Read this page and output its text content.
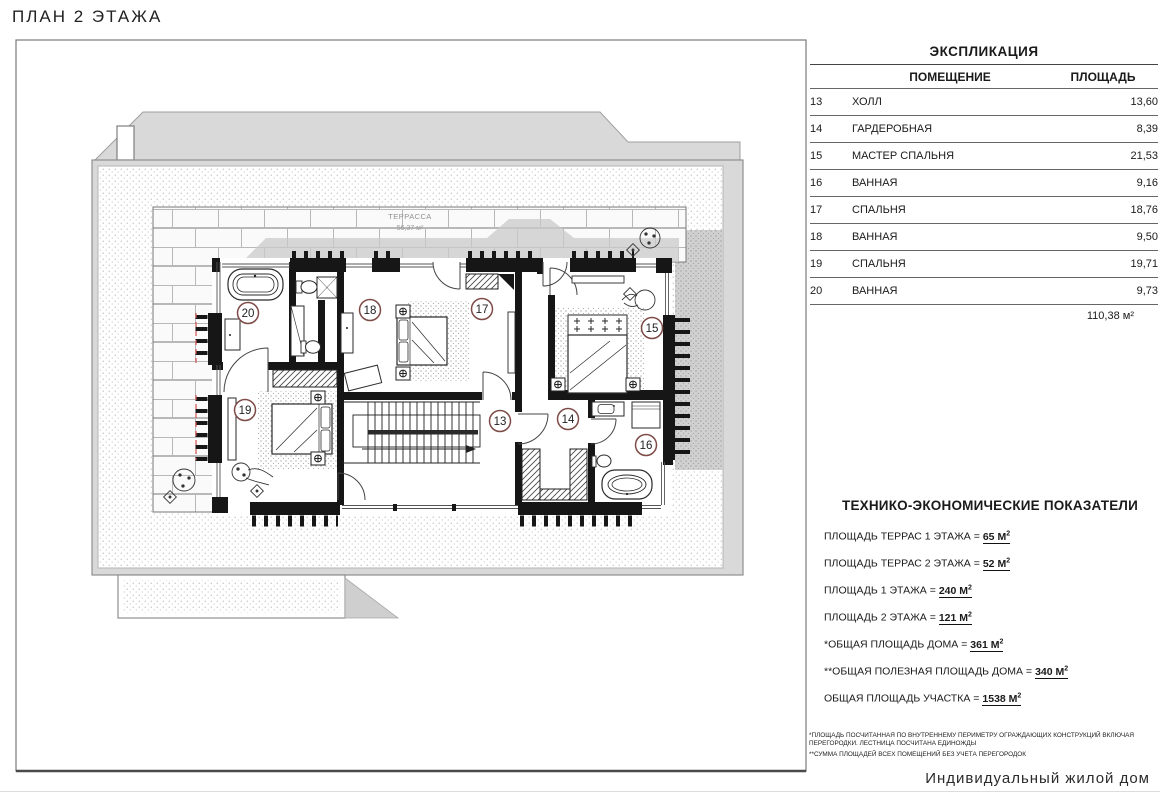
ПЛАН 2 ЭТАЖА
ТЕРРАССА
56,37 м²
13	14
15
16
17
18
19
20
ЭКСПЛИКАЦИЯ
	ПОМЕЩЕНИЕ	ПЛОЩАДЬ
13	ХОЛЛ	13,60
14	ГАРДЕРОБНАЯ	8,39
15	МАСТЕР СПАЛЬНЯ	21,53
16	ВАННАЯ	9,16
17	СПАЛЬНЯ	18,76
18	ВАННАЯ	9,50
19	СПАЛЬНЯ	19,71
20	ВАННАЯ	9,73
110,38 м²
ТЕХНИКО-ЭКОНОМИЧЕСКИЕ ПОКАЗАТЕЛИ
ПЛОЩАДЬ ТЕРРАС 1 ЭТАЖА = 65 $М^2$
ПЛОЩАДЬ ТЕРРАС 2 ЭТАЖА = 52 $М^2$
ПЛОЩАДЬ 1 ЭТАЖА = 240 $М^2$
ПЛОЩАДЬ 2 ЭТАЖА = 121 $М^2$
*ОБЩАЯ ПЛОЩАДЬ ДОМА = 361 $М^2$
**ОБЩАЯ ПОЛЕЗНАЯ ПЛОЩАДЬ ДОМА = 340 $М^2$
ОБЩАЯ ПЛОЩАДЬ УЧАСТКА = 1538 $М^2$

*ПЛОЩАДЬ ПОСЧИТАННАЯ ПО ВНУТРЕННЕМУ ПЕРИМЕТРУ ОГРАЖДАЮЩИХ КОНСТРУКЦИЙ ВКЛЮЧАЯ ПЕРЕГОРОДКИ. ЛЕСТНИЦА ПОСЧИТАНА ЕДИНОЖДЫ

**СУММА ПЛОЩАДЕЙ ВСЕХ ПОМЕЩЕНИЙ БЕЗ УЧЕТА ПЕРЕГОРОДОК

Индивидуальный жилой дом
